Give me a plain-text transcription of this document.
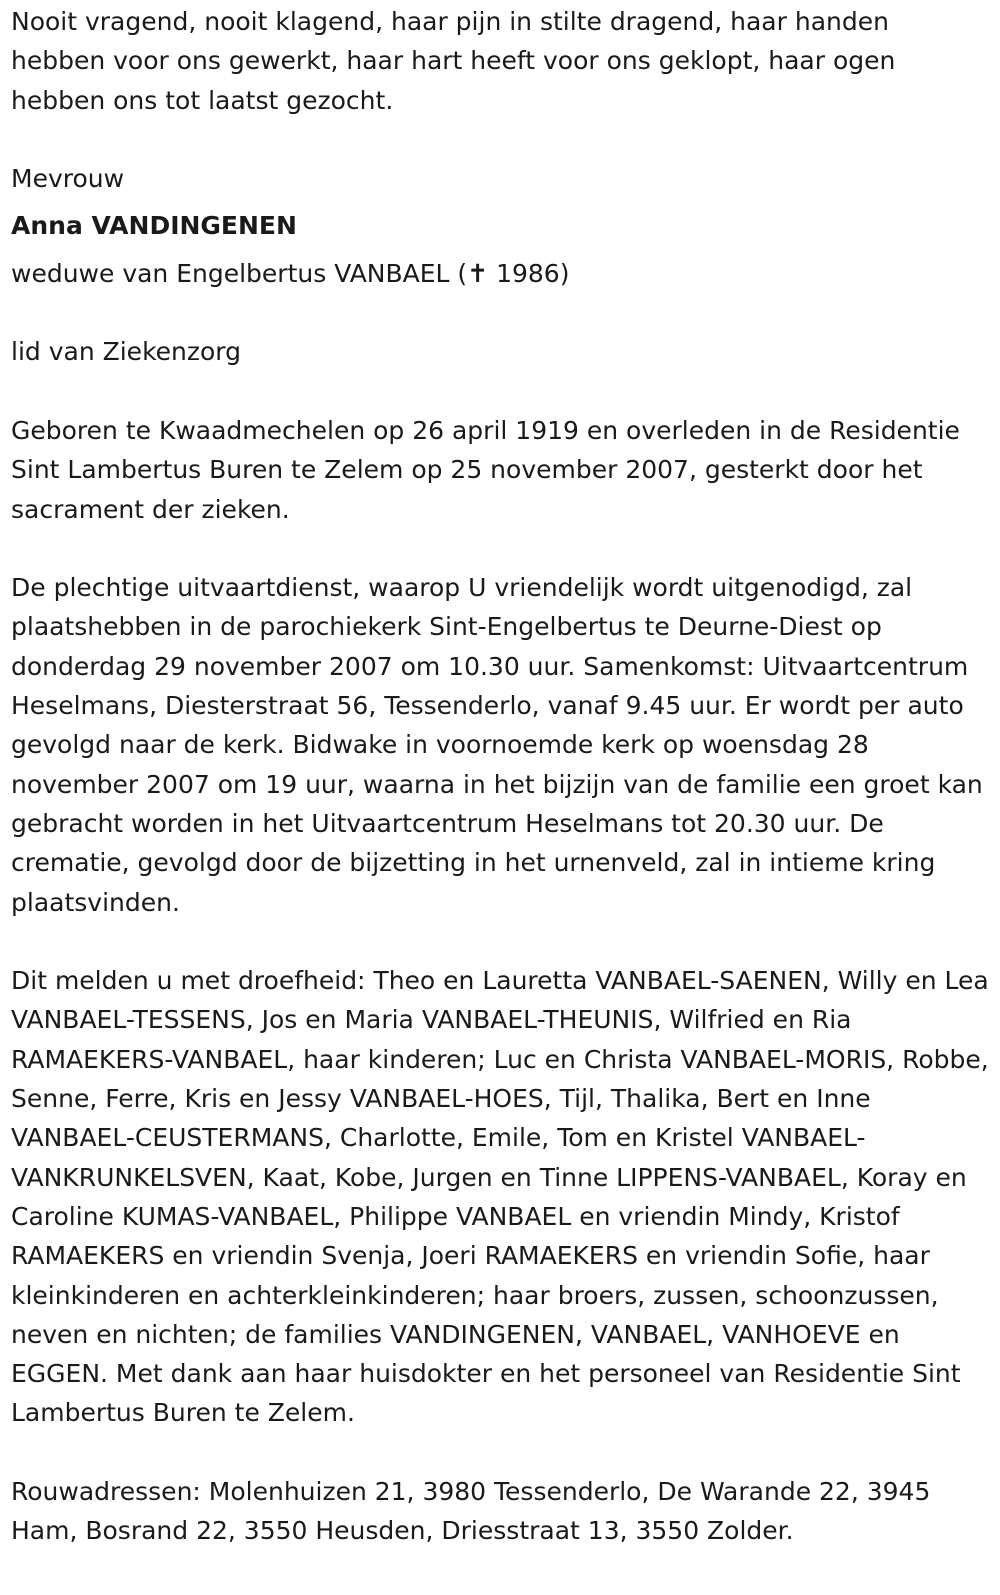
Nooit vragend, nooit klagend, haar pijn in stilte dragend, haar handen hebben voor ons gewerkt, haar hart heeft voor ons geklopt, haar ogen hebben ons tot laatst gezocht.

Mevrouw

Anna VANDINGENEN

weduwe van Engelbertus VANBAEL (✝ 1986)

lid van Ziekenzorg

Geboren te Kwaadmechelen op 26 april 1919 en overleden in de Residentie Sint Lambertus Buren te Zelem op 25 november 2007, gesterkt door het sacrament der zieken.

De plechtige uitvaartdienst, waarop U vriendelijk wordt uitgenodigd, zal plaatshebben in de parochiekerk Sint-Engelbertus te Deurne-Diest op donderdag 29 november 2007 om 10.30 uur. Samenkomst: Uitvaartcentrum Heselmans, Diesterstraat 56, Tessenderlo, vanaf 9.45 uur. Er wordt per auto gevolgd naar de kerk. Bidwake in voornoemde kerk op woensdag 28 november 2007 om 19 uur, waarna in het bijzijn van de familie een groet kan gebracht worden in het Uitvaartcentrum Heselmans tot 20.30 uur. De crematie, gevolgd door de bijzetting in het urnenveld, zal in intieme kring plaatsvinden.

Dit melden u met droefheid: Theo en Lauretta VANBAEL-SAENEN, Willy en Lea VANBAEL-TESSENS, Jos en Maria VANBAEL-THEUNIS, Wilfried en Ria RAMAEKERS-VANBAEL, haar kinderen; Luc en Christa VANBAEL-MORIS, Robbe, Senne, Ferre, Kris en Jessy VANBAEL-HOES, Tijl, Thalika, Bert en Inne VANBAEL-CEUSTERMANS, Charlotte, Emile, Tom en Kristel VANBAEL-VANKRUNKELSVEN, Kaat, Kobe, Jurgen en Tinne LIPPENS-VANBAEL, Koray en Caroline KUMAS-VANBAEL, Philippe VANBAEL en vriendin Mindy, Kristof RAMAEKERS en vriendin Svenja, Joeri RAMAEKERS en vriendin Sofie, haar kleinkinderen en achterkleinkinderen; haar broers, zussen, schoonzussen, neven en nichten; de families VANDINGENEN, VANBAEL, VANHOEVE en EGGEN. Met dank aan haar huisdokter en het personeel van Residentie Sint Lambertus Buren te Zelem.

Rouwadressen: Molenhuizen 21, 3980 Tessenderlo, De Warande 22, 3945 Ham, Bosrand 22, 3550 Heusden, Driesstraat 13, 3550 Zolder.
